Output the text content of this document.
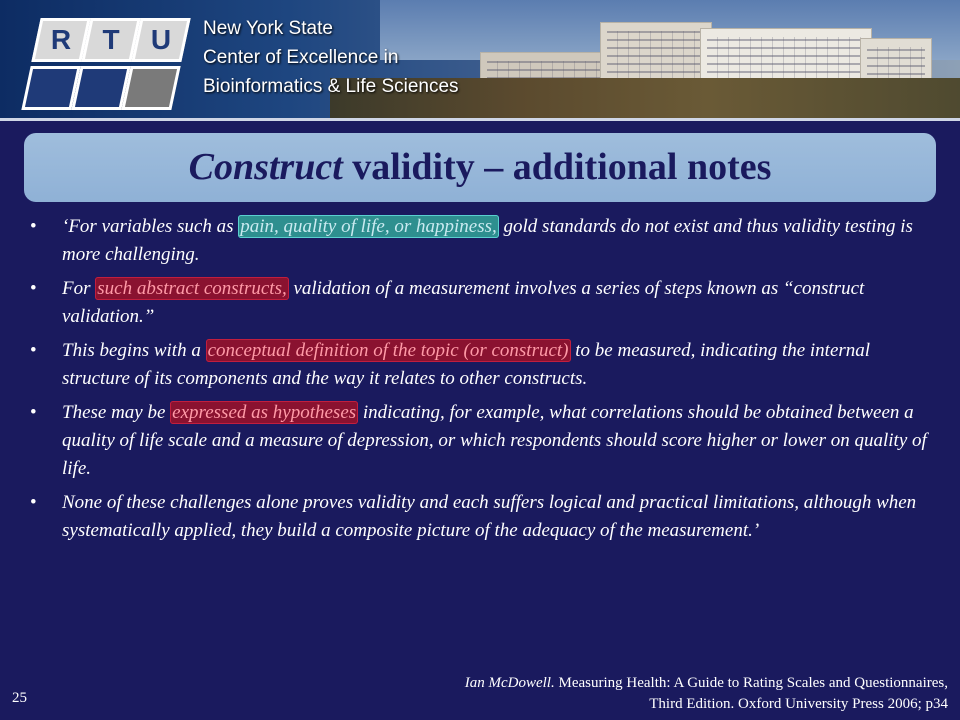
R	T	U	New York State
Center of Excellence in
Bioinformatics & Life Sciences
Construct validity – additional notes
• ‘For variables such as pain, quality of life, or happiness, gold standards do not exist and thus validity testing is more challenging.
• For such abstract constructs, validation of a measurement involves a series of steps known as “construct validation.”
• This begins with a conceptual definition of the topic (or construct) to be measured, indicating the internal structure of its components and the way it relates to other constructs.
• These may be expressed as hypotheses indicating, for example, what correlations should be obtained between a quality of life scale and a measure of depression, or which respondents should score higher or lower on quality of life.
• None of these challenges alone proves validity and each suffers logical and practical limitations, although when systematically applied, they build a composite picture of the adequacy of the measurement.’
25
Ian McDowell. Measuring Health: A Guide to Rating Scales and Questionnaires,
Third Edition. Oxford University Press 2006; p34
